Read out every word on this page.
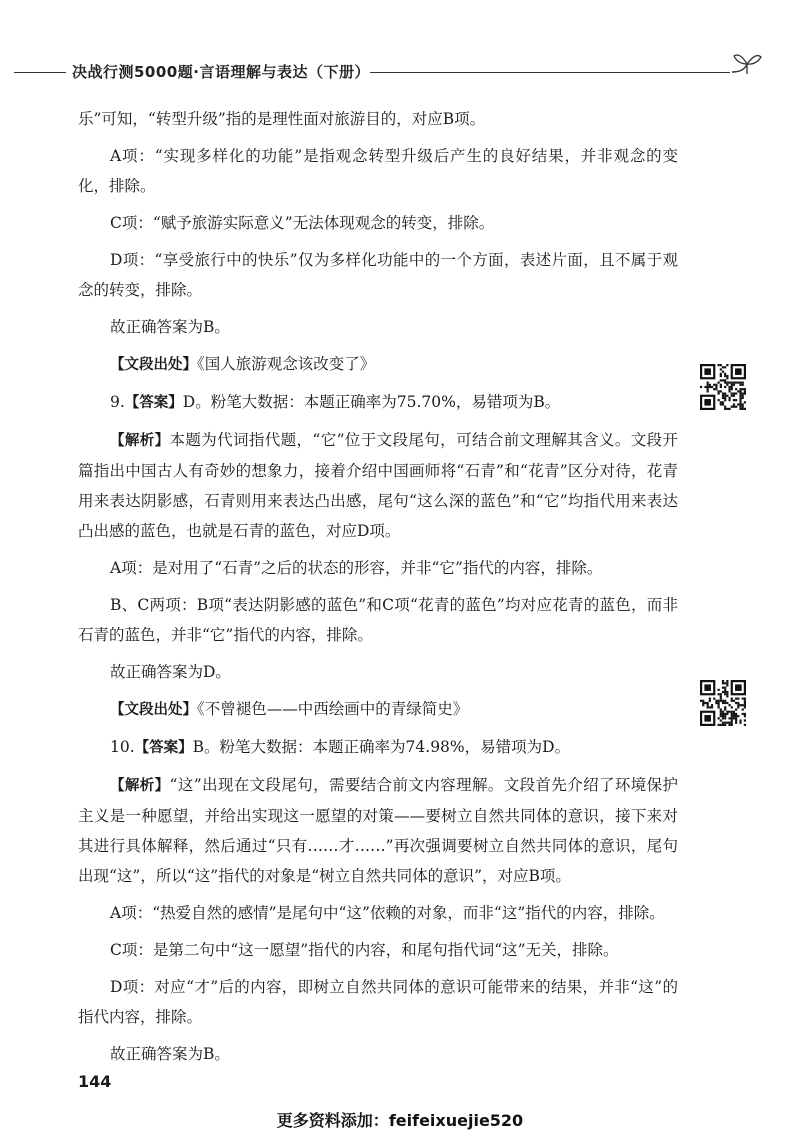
决战行测5000题·言语理解与表达（下册）

乐”可知，“转型升级”指的是理性面对旅游目的，对应B项。

A项：“实现多样化的功能”是指观念转型升级后产生的良好结果，并非观念的变化，排除。

C项：“赋予旅游实际意义”无法体现观念的转变，排除。

D项：“享受旅行中的快乐”仅为多样化功能中的一个方面，表述片面，且不属于观念的转变，排除。

故正确答案为B。

【文段出处】《国人旅游观念该改变了》

9.【答案】D。粉笔大数据：本题正确率为75.70%，易错项为B。

【解析】本题为代词指代题，“它”位于文段尾句，可结合前文理解其含义。文段开篇指出中国古人有奇妙的想象力，接着介绍中国画师将“石青”和“花青”区分对待，花青用来表达阴影感，石青则用来表达凸出感，尾句“这么深的蓝色”和“它”均指代用来表达凸出感的蓝色，也就是石青的蓝色，对应D项。

A项：是对用了“石青”之后的状态的形容，并非“它”指代的内容，排除。

B、C两项：B项“表达阴影感的蓝色”和C项“花青的蓝色”均对应花青的蓝色，而非石青的蓝色，并非“它”指代的内容，排除。

故正确答案为D。

【文段出处】《不曾褪色——中西绘画中的青绿简史》

10.【答案】B。粉笔大数据：本题正确率为74.98%，易错项为D。

【解析】“这”出现在文段尾句，需要结合前文内容理解。文段首先介绍了环境保护主义是一种愿望，并给出实现这一愿望的对策——要树立自然共同体的意识，接下来对其进行具体解释，然后通过“只有……才……”再次强调要树立自然共同体的意识，尾句出现“这”，所以“这”指代的对象是“树立自然共同体的意识”，对应B项。

A项：“热爱自然的感情”是尾句中“这”依赖的对象，而非“这”指代的内容，排除。

C项：是第二句中“这一愿望”指代的内容，和尾句指代词“这”无关，排除。

D项：对应“才”后的内容，即树立自然共同体的意识可能带来的结果，并非“这”的指代内容，排除。

故正确答案为B。

144
更多资料添加：feifeixuejie520
